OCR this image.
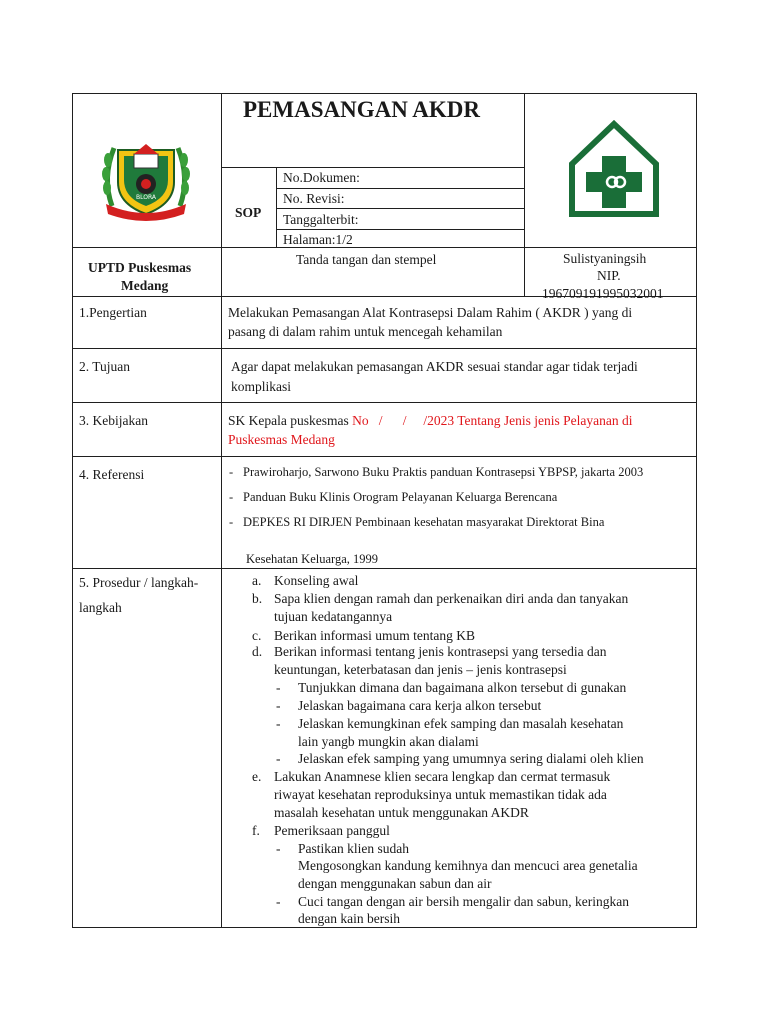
BLORA
PEMASANGAN AKDR
SOP
No.Dokumen:
No. Revisi:
Tanggalterbit:
Halaman:1/2
UPTD Puskesmas
Medang
Tanda tangan dan stempel	Sulistyaningsih
NIP.
196709191995032001
1.Pengertian	Melakukan Pemasangan Alat Kontrasepsi Dalam Rahim ( AKDR ) yang di
pasang di dalam rahim untuk mencegah kehamilan
2. Tujuan	Agar dapat melakukan pemasangan AKDR sesuai standar agar tidak terjadi
komplikasi
3. Kebijakan	SK Kepala puskesmas No   /      /     /2023 Tentang Jenis jenis Pelayanan di
Puskesmas Medang
4. Referensi	- Prawiroharjo, Sarwono Buku Praktis panduan Kontrasepsi YBPSP, jakarta 2003
- Panduan Buku Klinis Orogram Pelayanan Keluarga Berencana
- DEPKES RI DIRJEN Pembinaan kesehatan masyarakat Direktorat Bina
Kesehatan Keluarga, 1999
5. Prosedur / langkah-
langkah
a. Konseling awal
b. Sapa klien dengan ramah dan perkenaikan diri anda dan tanyakan
tujuan kedatangannya
c. Berikan informasi umum tentang KB
d. Berikan informasi tentang jenis kontrasepsi yang tersedia dan
keuntungan, keterbatasan dan jenis – jenis kontrasepsi
- Tunjukkan dimana dan bagaimana alkon tersebut di gunakan
- Jelaskan bagaimana cara kerja alkon tersebut
- Jelaskan kemungkinan efek samping dan masalah kesehatan
lain yangb mungkin akan dialami
- Jelaskan efek samping yang umumnya sering dialami oleh klien
e. Lakukan Anamnese klien secara lengkap dan cermat termasuk
riwayat kesehatan reproduksinya untuk memastikan tidak ada
masalah kesehatan untuk menggunakan AKDR
f. Pemeriksaan panggul
- Pastikan klien sudah
Mengosongkan kandung kemihnya dan mencuci area genetalia
dengan menggunakan sabun dan air
- Cuci tangan dengan air bersih mengalir dan sabun, keringkan
dengan kain bersih
